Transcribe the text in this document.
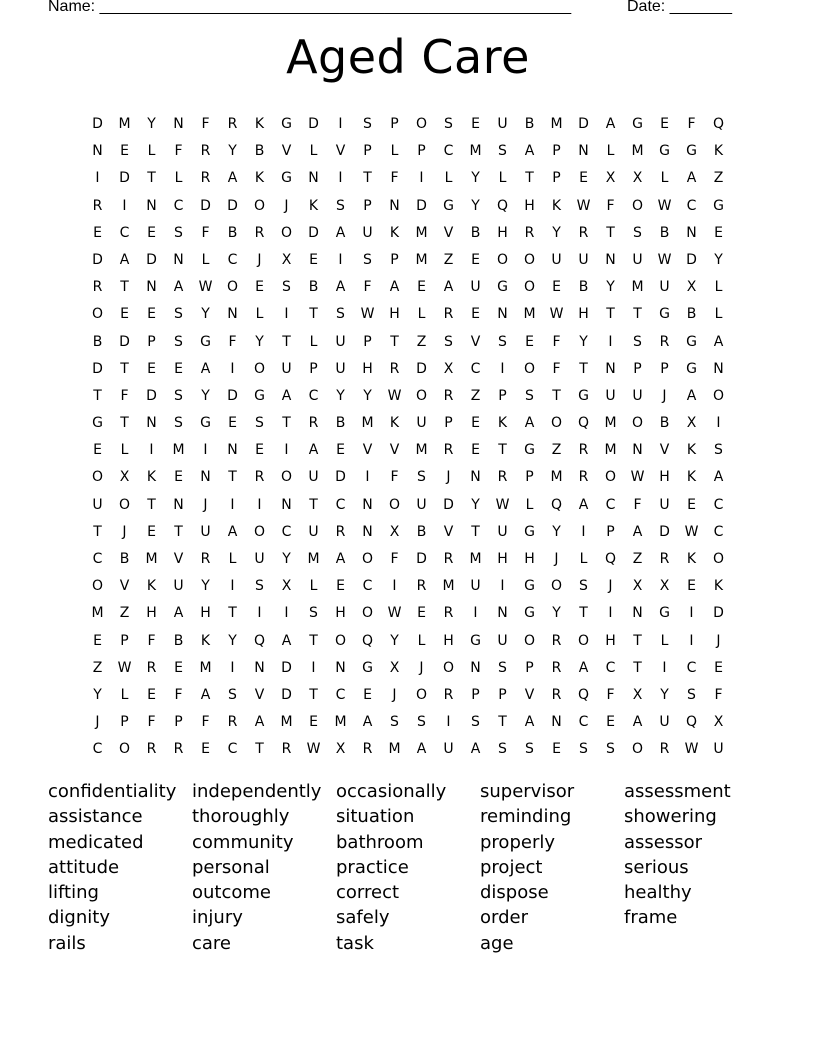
Name: _____________________________________________________	Date: _______
Aged Care
D	M	Y	N	F	R	K	G	D	I	S	P	O	S	E	U	B	M	D	A	G	E	F	Q
N	E	L	F	R	Y	B	V	L	V	P	L	P	C	M	S	A	P	N	L	M	G	G	K
I	D	T	L	R	A	K	G	N	I	T	F	I	L	Y	L	T	P	E	X	X	L	A	Z
R	I	N	C	D	D	O	J	K	S	P	N	D	G	Y	Q	H	K	W	F	O	W	C	G
E	C	E	S	F	B	R	O	D	A	U	K	M	V	B	H	R	Y	R	T	S	B	N	E
D	A	D	N	L	C	J	X	E	I	S	P	M	Z	E	O	O	U	U	N	U	W	D	Y
R	T	N	A	W	O	E	S	B	A	F	A	E	A	U	G	O	E	B	Y	M	U	X	L
O	E	E	S	Y	N	L	I	T	S	W	H	L	R	E	N	M	W	H	T	T	G	B	L
B	D	P	S	G	F	Y	T	L	U	P	T	Z	S	V	S	E	F	Y	I	S	R	G	A
D	T	E	E	A	I	O	U	P	U	H	R	D	X	C	I	O	F	T	N	P	P	G	N
T	F	D	S	Y	D	G	A	C	Y	Y	W	O	R	Z	P	S	T	G	U	U	J	A	O
G	T	N	S	G	E	S	T	R	B	M	K	U	P	E	K	A	O	Q	M	O	B	X	I
E	L	I	M	I	N	E	I	A	E	V	V	M	R	E	T	G	Z	R	M	N	V	K	S
O	X	K	E	N	T	R	O	U	D	I	F	S	J	N	R	P	M	R	O	W	H	K	A
U	O	T	N	J	I	I	N	T	C	N	O	U	D	Y	W	L	Q	A	C	F	U	E	C
T	J	E	T	U	A	O	C	U	R	N	X	B	V	T	U	G	Y	I	P	A	D	W	C
C	B	M	V	R	L	U	Y	M	A	O	F	D	R	M	H	H	J	L	Q	Z	R	K	O
O	V	K	U	Y	I	S	X	L	E	C	I	R	M	U	I	G	O	S	J	X	X	E	K
M	Z	H	A	H	T	I	I	S	H	O	W	E	R	I	N	G	Y	T	I	N	G	I	D
E	P	F	B	K	Y	Q	A	T	O	Q	Y	L	H	G	U	O	R	O	H	T	L	I	J
Z	W	R	E	M	I	N	D	I	N	G	X	J	O	N	S	P	R	A	C	T	I	C	E
Y	L	E	F	A	S	V	D	T	C	E	J	O	R	P	P	V	R	Q	F	X	Y	S	F
J	P	F	P	F	R	A	M	E	M	A	S	S	I	S	T	A	N	C	E	A	U	Q	X
C	O	R	R	E	C	T	R	W	X	R	M	A	U	A	S	S	E	S	S	O	R	W	U
confidentiality independently occasionally	supervisor	assessment
assistance	thoroughly	situation	reminding	showering
medicated	community	bathroom	properly	assessor
attitude	personal	practice	project	serious
lifting	outcome	correct	dispose	healthy
dignity	injury	safely	order	frame
rails	care	task	age
